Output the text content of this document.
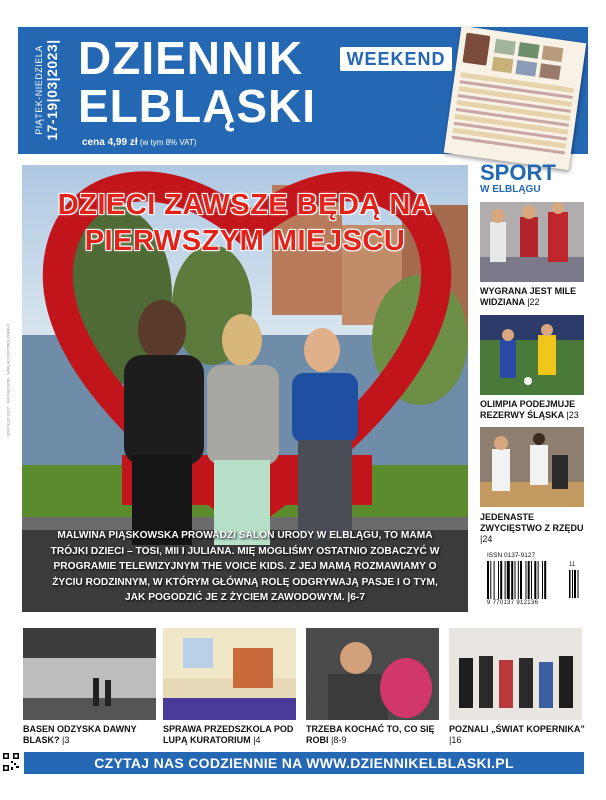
PIĄTEK-NIEDZIELA 17-19|03|2023| DZIENNIK
ELBLĄSKI
WEEKEND
cena 4,99 zł (w tym 8% VAT)
ISSN 0137-9127 · NR 64(10978) · NAKŁAD KONTROLOWANY
DZIECI ZAWSZE BĘDĄ NA PIERWSZYM MIEJSCU
MALWINA PIĄSKOWSKA PROWADZI SALON URODY W ELBLĄGU, TO MAMA TRÓJKI DZIECI – TOSI, MII I JULIANA. MIĘ MOGLIŚMY OSTATNIO ZOBACZYĆ W PROGRAMIE TELEWIZYJNYM THE VOICE KIDS. Z JEJ MAMĄ ROZMAWIAMY O ŻYCIU RODZINNYM, W KTÓRYM GŁÓWNĄ ROLĘ ODGRYWAJĄ PASJE I O TYM, JAK POGODZIĆ JE Z ŻYCIEM ZAWODOWYM. |6-7
SPORT
W ELBLĄGU
WYGRANA JEST MILE WIDZIANA |22
OLIMPIA PODEJMUJE REZERWY ŚLĄSKA |23
JEDENASTE ZWYCIĘSTWO Z RZĘDU |24
ISSN 0137-9127
9 770137 912136
11
BASEN ODZYSKA DAWNY BLASK? |3
SPRAWA PRZEDSZKOLA POD LUPĄ KURATORIUM |4
TRZEBA KOCHAĆ TO, CO SIĘ ROBI |8-9
POZNALI „ŚWIAT KOPERNIKA” |16
CZYTAJ NAS CODZIENNIE NA WWW.DZIENNIKELBLASKI.PL
